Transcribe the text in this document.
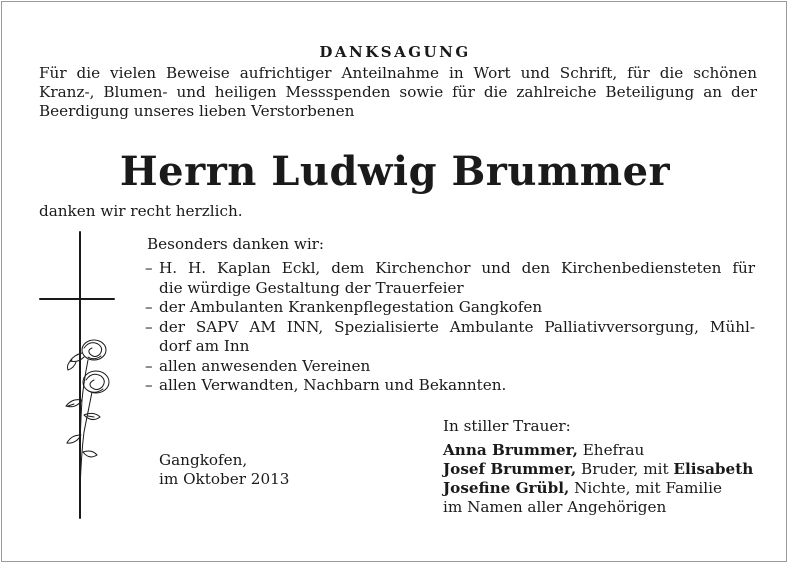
DANKSAGUNG
Für die vielen Beweise aufrichtiger Anteilnahme in Wort und Schrift, für die schönen
Kranz-, Blumen- und heiligen Messspenden sowie für die zahlreiche Beteiligung an der
Beerdigung unseres lieben Verstorbenen
Herrn Ludwig Brummer
danken wir recht herzlich.
Besonders danken wir:
– H. H. Kaplan Eckl, dem Kirchenchor und den Kirchenbediensteten für
die würdige Gestaltung der Trauerfeier
– der Ambulanten Krankenpflegestation Gangkofen
– der SAPV AM INN, Spezialisierte Ambulante Palliativversorgung, Mühl-
dorf am Inn
– allen anwesenden Vereinen
– allen Verwandten, Nachbarn und Bekannten.
Gangkofen,
im Oktober 2013
In stiller Trauer:
Anna Brummer, Ehefrau
Josef Brummer, Bruder, mit Elisabeth
Josefine Grübl, Nichte, mit Familie
im Namen aller Angehörigen
